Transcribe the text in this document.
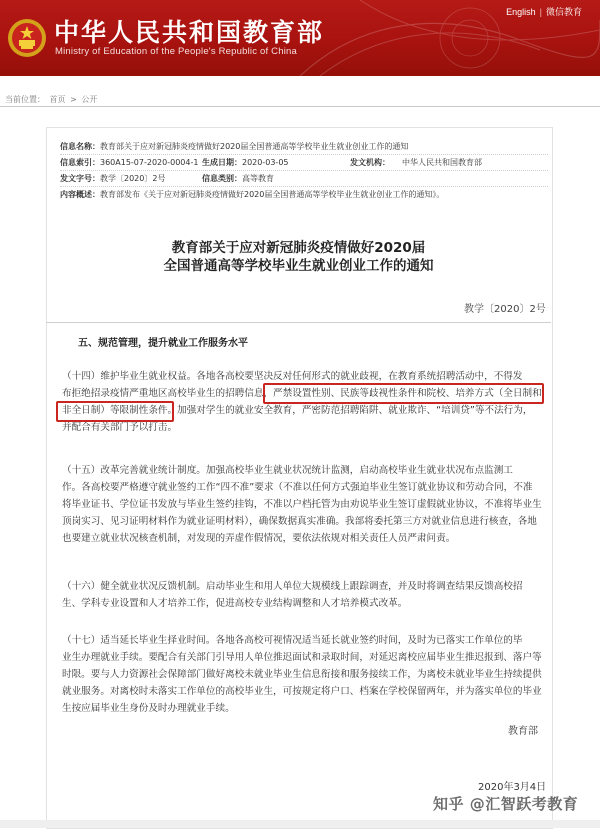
中华人民共和国教育部
Ministry of Education of the People's Republic of China
English | 微信教育
当前位置： 首页 > 公开
信息名称：教育部关于应对新冠肺炎疫情做好2020届全国普通高等学校毕业生就业创业工作的通知
信息索引：360A15-07-2020-0004-1 生成日期：2020-03-05	发文机构： 中华人民共和国教育部
发文字号：教学〔2020〕2号	信息类别：高等教育
内容概述：教育部发布《关于应对新冠肺炎疫情做好2020届全国普通高等学校毕业生就业创业工作的通知》。
教育部关于应对新冠肺炎疫情做好2020届
全国普通高等学校毕业生就业创业工作的通知
教学〔2020〕2号
五、规范管理，提升就业工作服务水平
（十四）维护毕业生就业权益。各地各高校要坚决反对任何形式的就业歧视，在教育系统招聘活动中，不得发
布拒绝招录疫情严重地区高校毕业生的招聘信息，严禁设置性别、民族等歧视性条件和院校、培养方式（全日制和
非全日制）等限制性条件。加强对学生的就业安全教育，严密防范招聘陷阱、就业欺诈、“培训贷”等不法行为，
并配合有关部门予以打击。
（十五）改革完善就业统计制度。加强高校毕业生就业状况统计监测，启动高校毕业生就业状况布点监测工
作。各高校要严格遵守就业签约工作“四不准”要求（不准以任何方式强迫毕业生签订就业协议和劳动合同，不准
将毕业证书、学位证书发放与毕业生签约挂钩，不准以户档托管为由劝说毕业生签订虚假就业协议，不准将毕业生
顶岗实习、见习证明材料作为就业证明材料），确保数据真实准确。我部将委托第三方对就业信息进行核查，各地
也要建立就业状况核查机制，对发现的弄虚作假情况，要依法依规对相关责任人员严肃问责。
（十六）健全就业状况反馈机制。启动毕业生和用人单位大规模线上跟踪调查，并及时将调查结果反馈高校招
生、学科专业设置和人才培养工作，促进高校专业结构调整和人才培养模式改革。
（十七）适当延长毕业生择业时间。各地各高校可视情况适当延长就业签约时间，及时为已落实工作单位的毕
业生办理就业手续。要配合有关部门引导用人单位推迟面试和录取时间，对延迟离校应届毕业生推迟报到、落户等
时限。要与人力资源社会保障部门做好离校未就业毕业生信息衔接和服务接续工作，为离校未就业毕业生持续提供
就业服务。对离校时未落实工作单位的高校毕业生，可按规定将户口、档案在学校保留两年，并为落实单位的毕业
生按应届毕业生身份及时办理就业手续。
教育部
2020年3月4日
知乎 @汇智跃考教育
